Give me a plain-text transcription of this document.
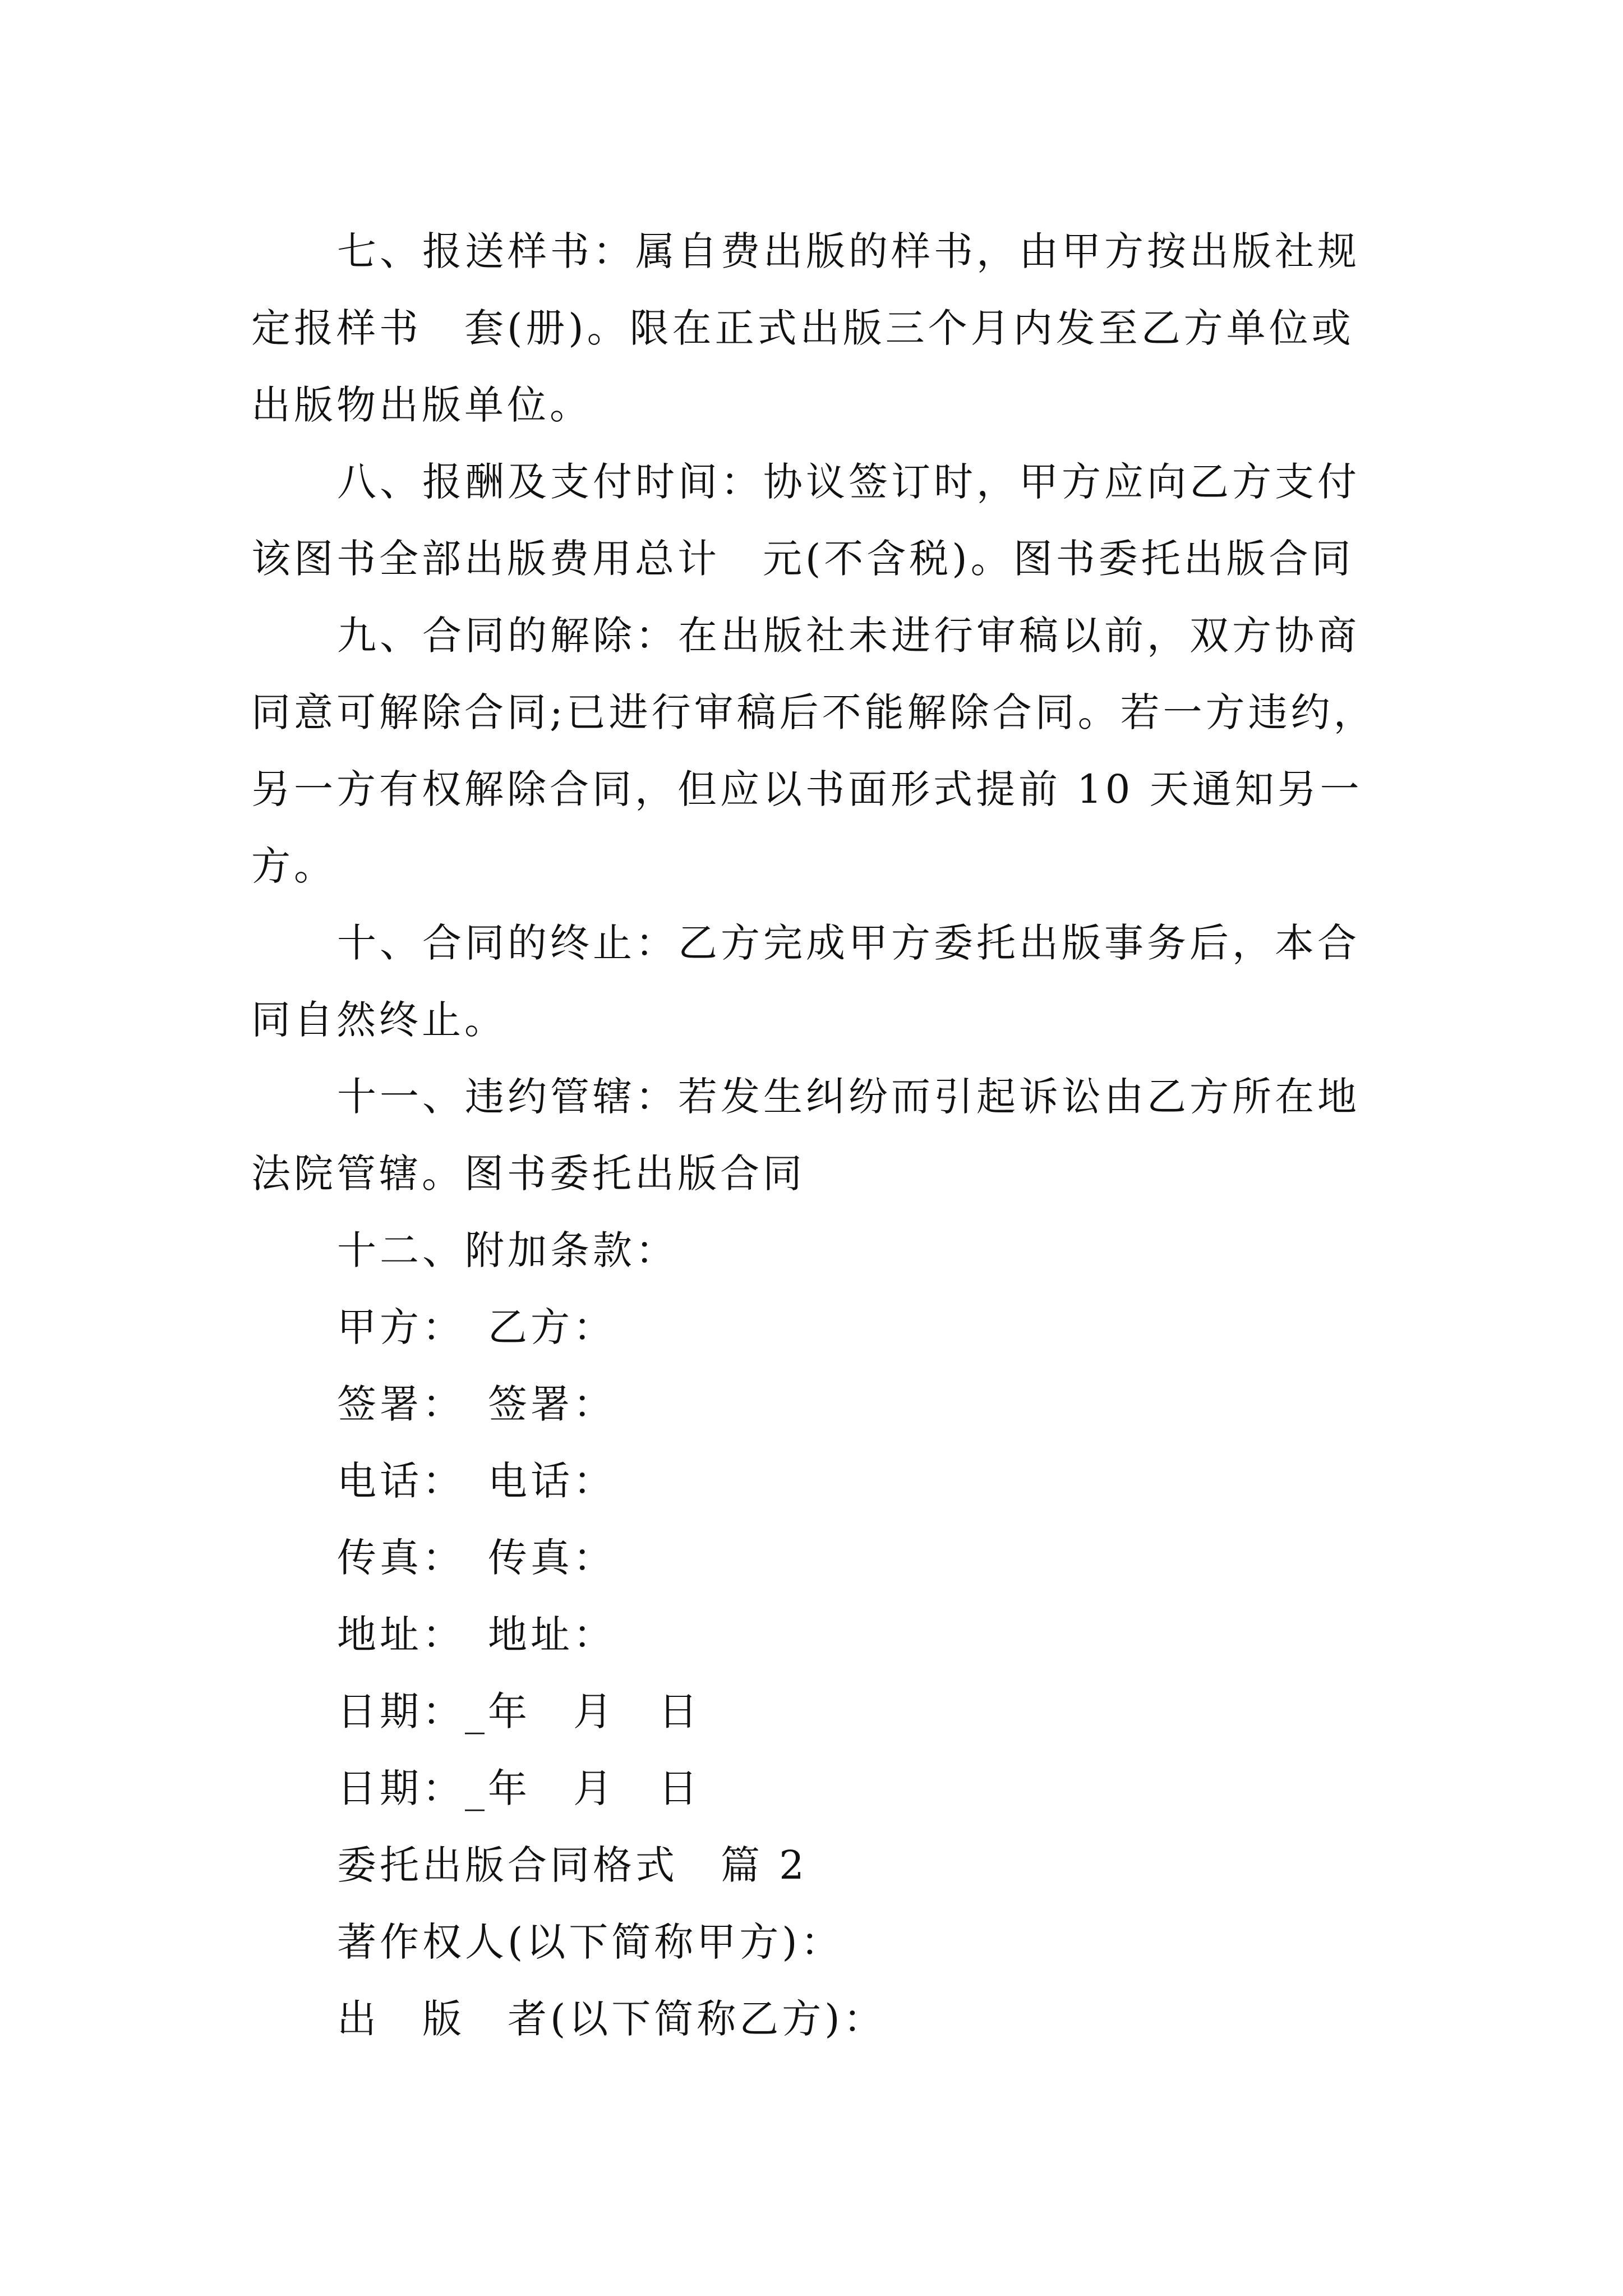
七、报送样书：属自费出版的样书，由甲方按出版社规
定报样书　套(册)。限在正式出版三个月内发至乙方单位或
出版物出版单位。
八、报酬及支付时间：协议签订时，甲方应向乙方支付
该图书全部出版费用总计　元(不含税)。图书委托出版合同
九、合同的解除：在出版社未进行审稿以前，双方协商
同意可解除合同;已进行审稿后不能解除合同。若一方违约，
另一方有权解除合同，但应以书面形式提前 10 天通知另一
方。
十、合同的终止：乙方完成甲方委托出版事务后，本合
同自然终止。
十一、违约管辖：若发生纠纷而引起诉讼由乙方所在地
法院管辖。图书委托出版合同
十二、附加条款：
甲方：　乙方：
签署：　签署：
电话：　电话：
传真：　传真：
地址：　地址：
日期：_年　月　日
日期：_年　月　日
委托出版合同格式　篇 2
著作权人(以下简称甲方)：
出　版　者(以下简称乙方)：
